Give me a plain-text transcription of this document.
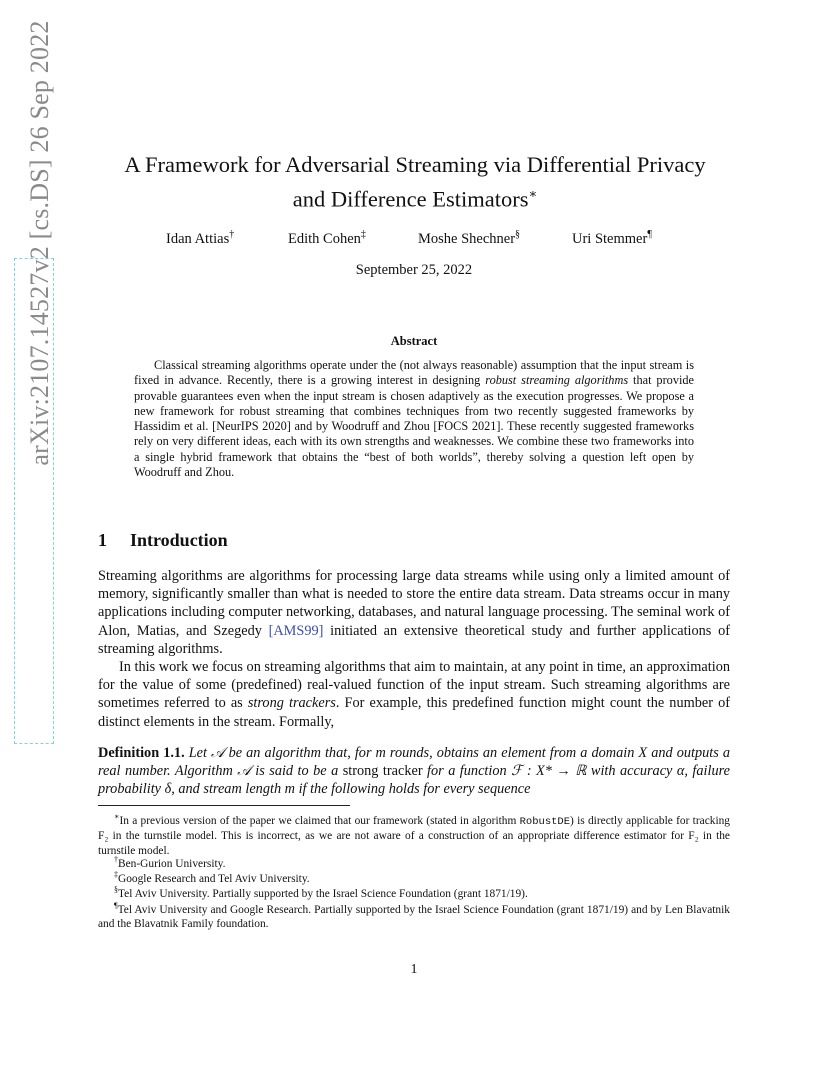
arXiv:2107.14527v2 [cs.DS] 26 Sep 2022	A Framework for Adversarial Streaming via Differential Privacy
and Difference Estimators∗
Idan Attias†	Edith Cohen‡	Moshe Shechner§	Uri Stemmer¶
September 25, 2022
Abstract

Classical streaming algorithms operate under the (not always reasonable) assumption that the input stream is fixed in advance. Recently, there is a growing interest in designing robust streaming algorithms that provide provable guarantees even when the input stream is chosen adaptively as the execution progresses. We propose a new framework for robust streaming that combines techniques from two recently suggested frameworks by Hassidim et al. [NeurIPS 2020] and by Woodruff and Zhou [FOCS 2021]. These recently suggested frameworks rely on very different ideas, each with its own strengths and weaknesses. We combine these two frameworks into a single hybrid framework that obtains the “best of both worlds”, thereby solving a question left open by Woodruff and Zhou.

1 Introduction

Streaming algorithms are algorithms for processing large data streams while using only a limited amount of memory, significantly smaller than what is needed to store the entire data stream. Data streams occur in many applications including computer networking, databases, and natural language processing. The seminal work of Alon, Matias, and Szegedy [AMS99] initiated an extensive theoretical study and further applications of streaming algorithms.

In this work we focus on streaming algorithms that aim to maintain, at any point in time, an approximation for the value of some (predefined) real-valued function of the input stream. Such streaming algorithms are sometimes referred to as strong trackers. For example, this predefined function might count the number of distinct elements in the stream. Formally,

Definition 1.1. Let 𝒜 be an algorithm that, for m rounds, obtains an element from a domain X and outputs a real number. Algorithm 𝒜 is said to be a strong tracker for a function ℱ : X* → ℝ with accuracy α, failure probability δ, and stream length m if the following holds for every sequence

∗In a previous version of the paper we claimed that our framework (stated in algorithm RobustDE) is directly applicable for tracking F₂ in the turnstile model. This is incorrect, as we are not aware of a construction of an appropriate difference estimator for F₂ in the turnstile model.

†Ben-Gurion University.

‡Google Research and Tel Aviv University.

§Tel Aviv University. Partially supported by the Israel Science Foundation (grant 1871/19).

¶Tel Aviv University and Google Research. Partially supported by the Israel Science Foundation (grant 1871/19) and by Len Blavatnik and the Blavatnik Family foundation.

1
